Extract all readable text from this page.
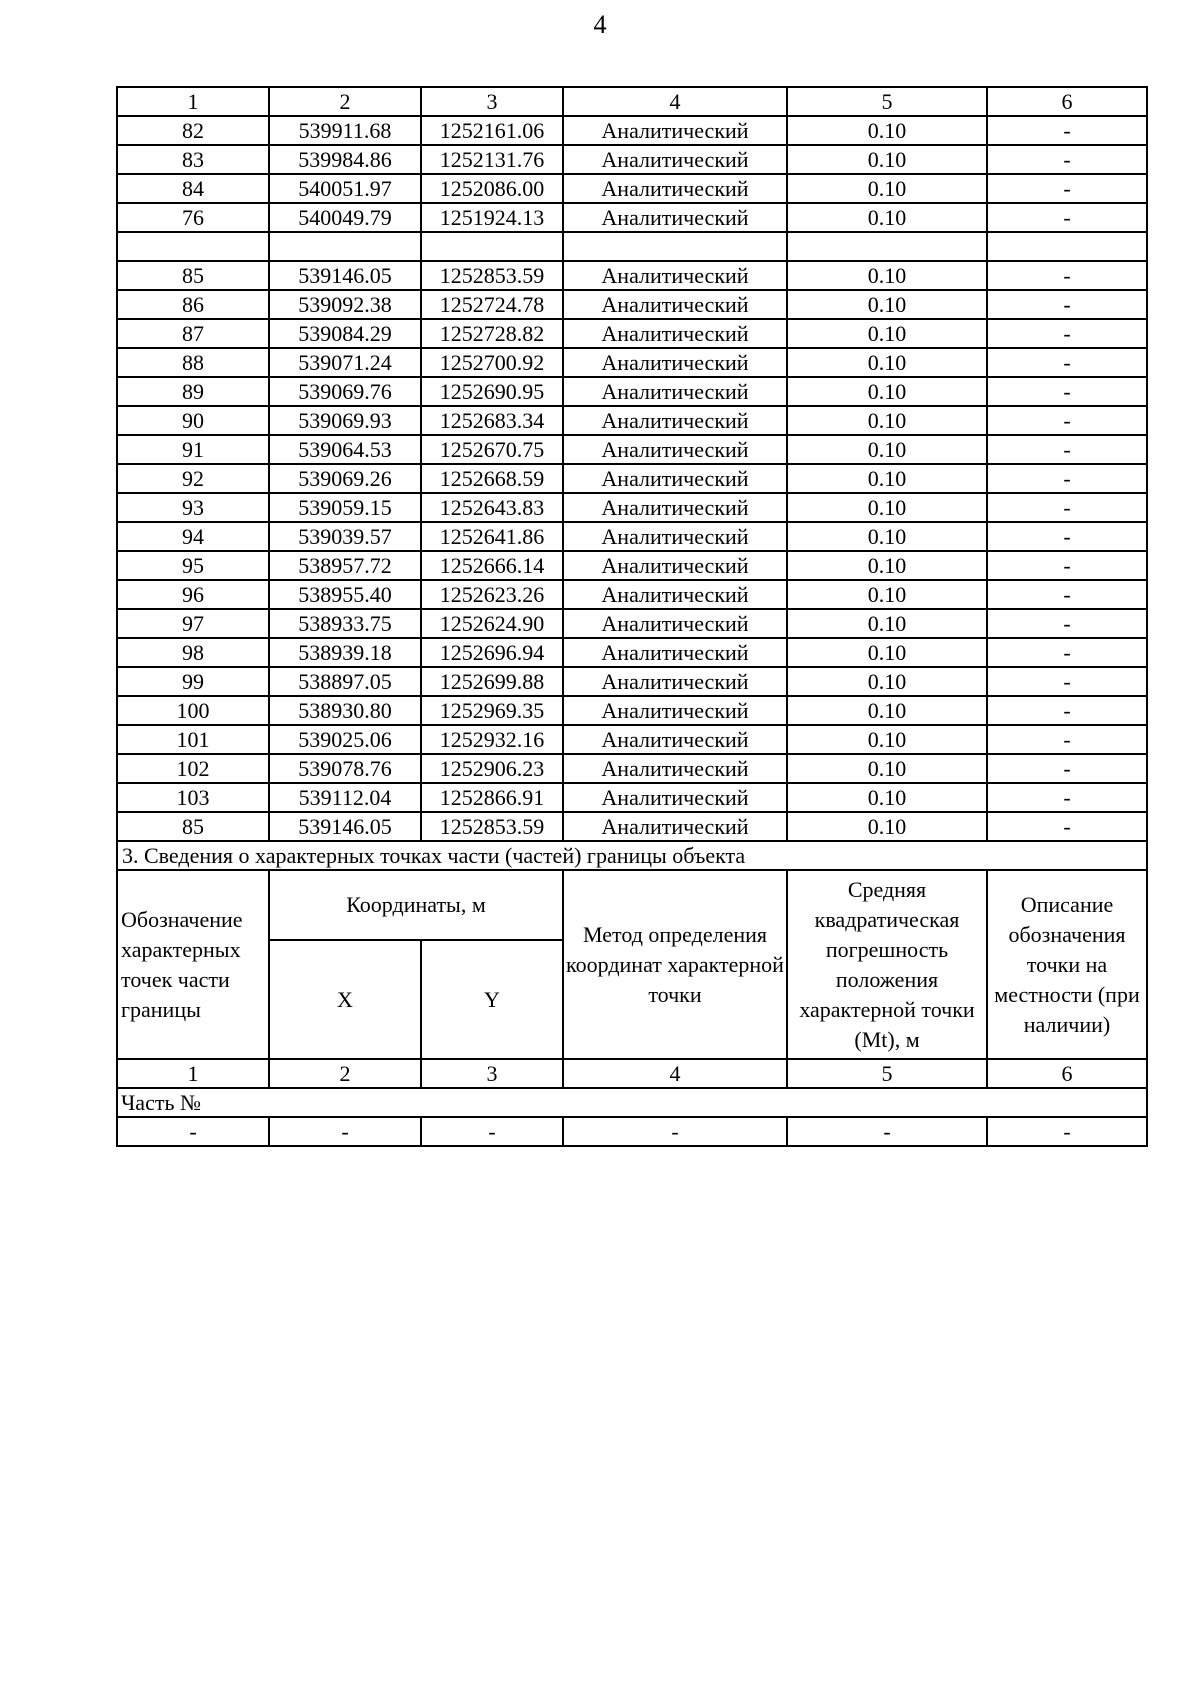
4
1	2	3	4	5	6
82	539911.68	1252161.06	Аналитический	0.10	-
83	539984.86	1252131.76	Аналитический	0.10	-
84	540051.97	1252086.00	Аналитический	0.10	-
76	540049.79	1251924.13	Аналитический	0.10	-

85	539146.05	1252853.59	Аналитический	0.10	-
86	539092.38	1252724.78	Аналитический	0.10	-
87	539084.29	1252728.82	Аналитический	0.10	-
88	539071.24	1252700.92	Аналитический	0.10	-
89	539069.76	1252690.95	Аналитический	0.10	-
90	539069.93	1252683.34	Аналитический	0.10	-
91	539064.53	1252670.75	Аналитический	0.10	-
92	539069.26	1252668.59	Аналитический	0.10	-
93	539059.15	1252643.83	Аналитический	0.10	-
94	539039.57	1252641.86	Аналитический	0.10	-
95	538957.72	1252666.14	Аналитический	0.10	-
96	538955.40	1252623.26	Аналитический	0.10	-
97	538933.75	1252624.90	Аналитический	0.10	-
98	538939.18	1252696.94	Аналитический	0.10	-
99	538897.05	1252699.88	Аналитический	0.10	-
100	538930.80	1252969.35	Аналитический	0.10	-
101	539025.06	1252932.16	Аналитический	0.10	-
102	539078.76	1252906.23	Аналитический	0.10	-
103	539112.04	1252866.91	Аналитический	0.10	-
85	539146.05	1252853.59	Аналитический	0.10	-
3. Сведения о характерных точках части (частей) границы объекта					
Обозначение характерных точек части границы	Координаты, м		Метод определения координат характерной точки	Средняя квадратическая погрешность положения характерной точки (Mt), м	Описание обозначения точки на местности (при наличии)
	X	Y			
1	2	3	4	5	6
Часть №					
-	-	-	-	-	-
